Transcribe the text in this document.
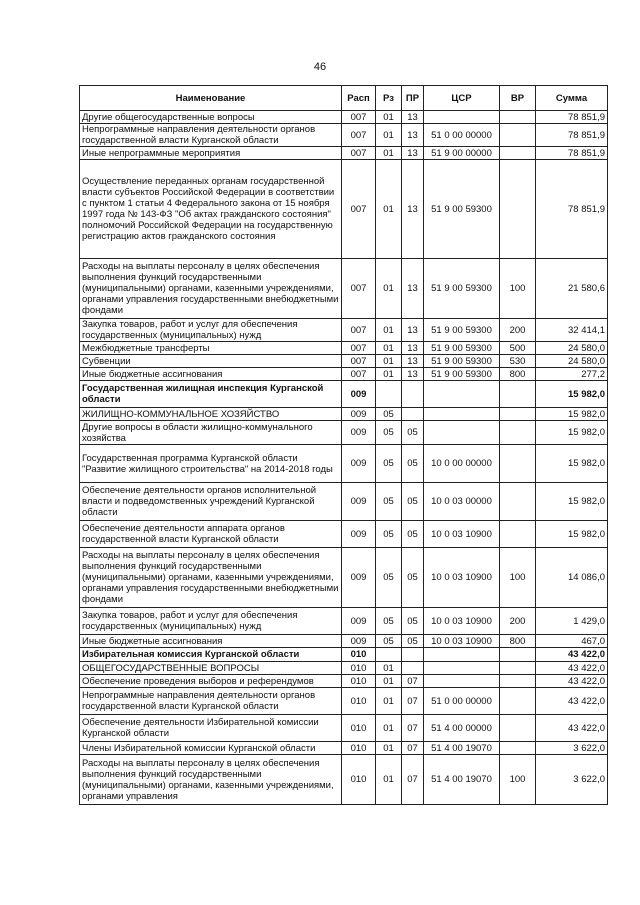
46
Наименование	Расп	Рз	ПР	ЦСР	ВР	Сумма
Другие общегосударственные вопросы	007	01	13			78 851,9
Непрограммные направления деятельности органов государственной власти Курганской области	007	01	13	51 0 00 00000		78 851,9
Иные непрограммные мероприятия	007	01	13	51 9 00 00000		78 851,9
Осуществление переданных органам государственной власти субъектов Российской Федерации в соответствии с пунктом 1 статьи 4 Федерального закона от 15 ноября 1997 года № 143-ФЗ "Об актах гражданского состояния" полномочий Российской Федерации на государственную регистрацию актов гражданского состояния	007	01	13	51 9 00 59300		78 851,9
Расходы на выплаты персоналу в целях обеспечения выполнения функций государственными (муниципальными) органами, казенными учреждениями, органами управления государственными внебюджетными фондами	007	01	13	51 9 00 59300	100	21 580,6
Закупка товаров, работ и услуг для обеспечения государственных (муниципальных) нужд	007	01	13	51 9 00 59300	200	32 414,1
Межбюджетные трансферты	007	01	13	51 9 00 59300	500	24 580,0
Субвенции	007	01	13	51 9 00 59300	530	24 580,0
Иные бюджетные ассигнования	007	01	13	51 9 00 59300	800	277,2
Государственная жилищная инспекция Курганской области	009					15 982,0
ЖИЛИЩНО-КОММУНАЛЬНОЕ ХОЗЯЙСТВО	009	05				15 982,0
Другие вопросы в области жилищно-коммунального хозяйства	009	05	05			15 982,0
Государственная программа Курганской области "Развитие жилищного строительства" на 2014-2018 годы	009	05	05	10 0 00 00000		15 982,0
Обеспечение деятельности органов исполнительной власти и подведомственных учреждений Курганской области	009	05	05	10 0 03 00000		15 982,0
Обеспечение деятельности аппарата органов государственной власти Курганской области	009	05	05	10 0 03 10900		15 982,0
Расходы на выплаты персоналу в целях обеспечения выполнения функций государственными (муниципальными) органами, казенными учреждениями, органами управления государственными внебюджетными фондами	009	05	05	10 0 03 10900	100	14 086,0
Закупка товаров, работ и услуг для обеспечения государственных (муниципальных) нужд	009	05	05	10 0 03 10900	200	1 429,0
Иные бюджетные ассигнования	009	05	05	10 0 03 10900	800	467,0
Избирательная комиссия Курганской области	010					43 422,0
ОБЩЕГОСУДАРСТВЕННЫЕ ВОПРОСЫ	010	01				43 422,0
Обеспечение проведения выборов и референдумов	010	01	07			43 422,0
Непрограммные направления деятельности органов государственной власти Курганской области	010	01	07	51 0 00 00000		43 422,0
Обеспечение деятельности Избирательной комиссии Курганской области	010	01	07	51 4 00 00000		43 422,0
Члены Избирательной комиссии Курганской области	010	01	07	51 4 00 19070		3 622,0
Расходы на выплаты персоналу в целях обеспечения выполнения функций государственными (муниципальными) органами, казенными учреждениями, органами управления	010	01	07	51 4 00 19070	100	3 622,0
